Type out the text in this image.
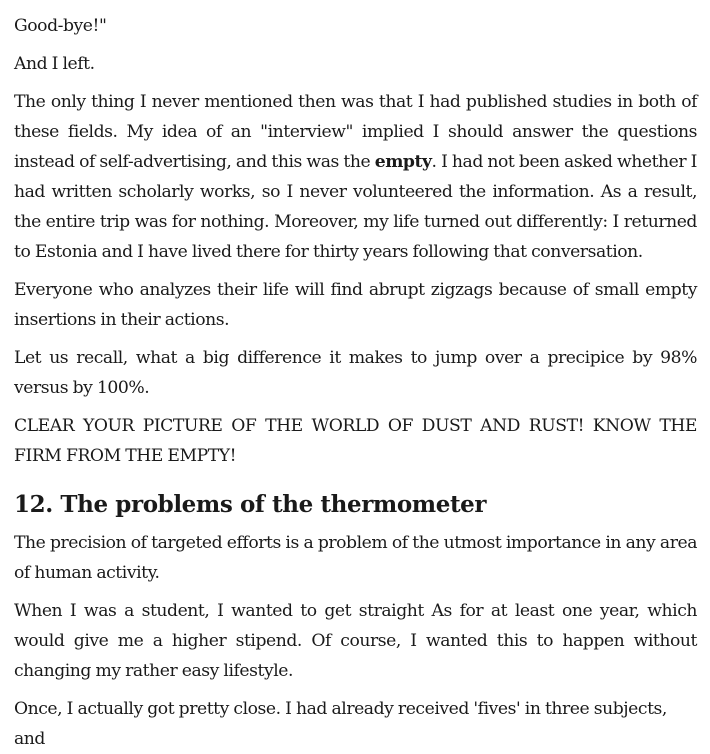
Good-bye!"

And I left.

The only thing I never mentioned then was that I had published studies in both of these fields. My idea of an "interview" implied I should answer the questions instead of self-advertising, and this was the empty. I had not been asked whether I had written scholarly works, so I never volunteered the information. As a result, the entire trip was for nothing. Moreover, my life turned out differently: I returned to Estonia and I have lived there for thirty years following that conversation.

Everyone who analyzes their life will find abrupt zigzags because of small empty insertions in their actions.

Let us recall, what a big difference it makes to jump over a precipice by 98% versus by 100%.

CLEAR YOUR PICTURE OF THE WORLD OF DUST AND RUST! KNOW THE FIRM FROM THE EMPTY!

12. The problems of the thermometer

The precision of targeted efforts is a problem of the utmost importance in any area of human activity.

When I was a student, I wanted to get straight As for at least one year, which would give me a higher stipend. Of course, I wanted this to happen without changing my rather easy lifestyle.

Once, I actually got pretty close. I had already received 'fives' in three subjects, and
